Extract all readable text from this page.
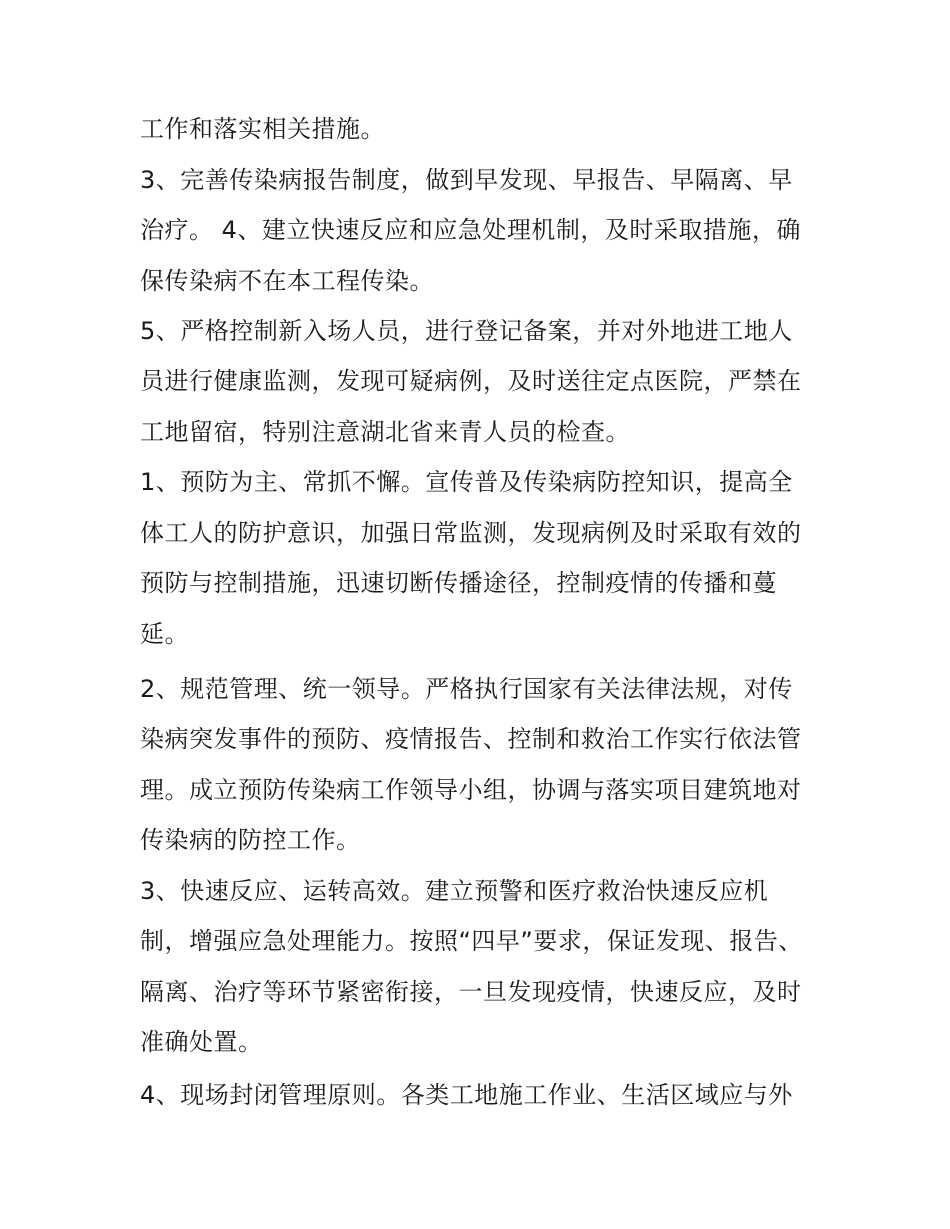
工作和落实相关措施。
3、完善传染病报告制度，做到早发现、早报告、早隔离、早
治疗。 4、建立快速反应和应急处理机制，及时采取措施，确
保传染病不在本工程传染。
5、严格控制新入场人员，进行登记备案，并对外地进工地人
员进行健康监测，发现可疑病例，及时送往定点医院，严禁在
工地留宿，特别注意湖北省来青人员的检查。
1、预防为主、常抓不懈。宣传普及传染病防控知识，提高全
体工人的防护意识，加强日常监测，发现病例及时采取有效的
预防与控制措施，迅速切断传播途径，控制疫情的传播和蔓
延。
2、规范管理、统一领导。严格执行国家有关法律法规，对传
染病突发事件的预防、疫情报告、控制和救治工作实行依法管
理。成立预防传染病工作领导小组，协调与落实项目建筑地对
传染病的防控工作。
3、快速反应、运转高效。建立预警和医疗救治快速反应机
制，增强应急处理能力。按照“四早”要求，保证发现、报告、
隔离、治疗等环节紧密衔接，一旦发现疫情，快速反应，及时
准确处置。
4、现场封闭管理原则。各类工地施工作业、生活区域应与外
